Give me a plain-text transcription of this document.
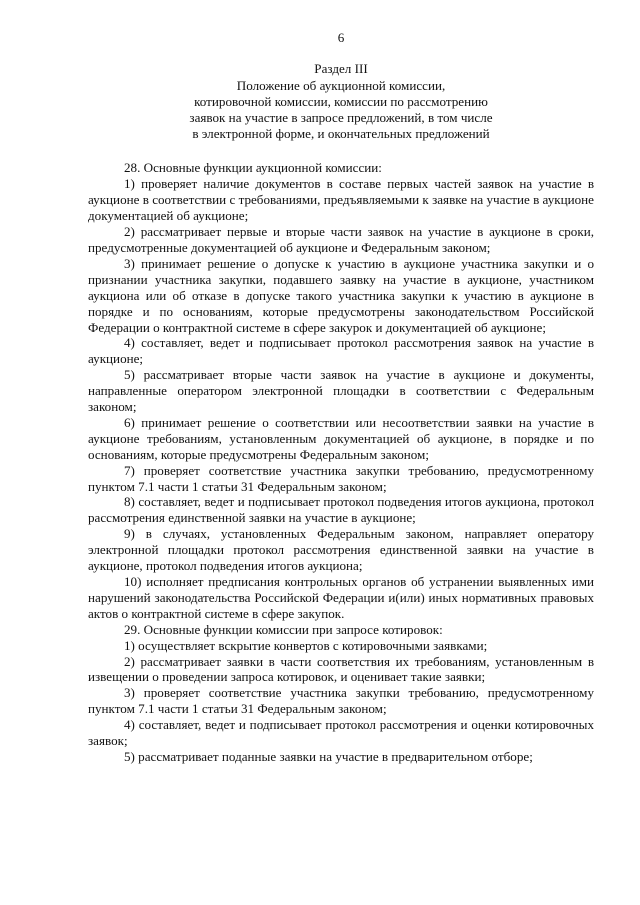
6
Раздел III
Положение об аукционной комиссии,
котировочной комиссии, комиссии по рассмотрению
заявок на участие в запросе предложений, в том числе
в электронной форме, и окончательных предложений

28. Основные функции аукционной комиссии:

1) проверяет наличие документов в составе первых частей заявок на участие в аукционе в соответствии с требованиями, предъявляемыми к заявке на участие в аукционе документацией об аукционе;

2) рассматривает первые и вторые части заявок на участие в аукционе в сроки, предусмотренные документацией об аукционе и Федеральным законом;

3) принимает решение о допуске к участию в аукционе участника закупки и о признании участника закупки, подавшего заявку на участие в аукционе, участником аукциона или об отказе в допуске такого участника закупки к участию в аукционе в порядке и по основаниям, которые предусмотрены законодательством Российской Федерации о контрактной системе в сфере закурок и документацией об аукционе;

4) составляет, ведет и подписывает протокол рассмотрения заявок на участие в аукционе;

5) рассматривает вторые части заявок на участие в аукционе и документы, направленные оператором электронной площадки в соответствии с Федеральным законом;

6) принимает решение о соответствии или несоответствии заявки на участие в аукционе требованиям, установленным документацией об аукционе, в порядке и по основаниям, которые предусмотрены Федеральным законом;

7) проверяет соответствие участника закупки требованию, предусмотренному пунктом 7.1 части 1 статьи 31 Федеральным законом;

8) составляет, ведет и подписывает протокол подведения итогов аукциона, протокол рассмотрения единственной заявки на участие в аукционе;

9) в случаях, установленных Федеральным законом, направляет оператору электронной площадки протокол рассмотрения единственной заявки на участие в аукционе, протокол подведения итогов аукциона;

10) исполняет предписания контрольных органов об устранении выявленных ими нарушений законодательства Российской Федерации и(или) иных нормативных правовых актов о контрактной системе в сфере закупок.

29. Основные функции комиссии при запросе котировок:

1) осуществляет вскрытие конвертов с котировочными заявками;

2) рассматривает заявки в части соответствия их требованиям, установленным в извещении о проведении запроса котировок, и оценивает такие заявки;

3) проверяет соответствие участника закупки требованию, предусмотренному пунктом 7.1 части 1 статьи 31 Федеральным законом;

4) составляет, ведет и подписывает протокол рассмотрения и оценки котировочных заявок;

5) рассматривает поданные заявки на участие в предварительном отборе;
